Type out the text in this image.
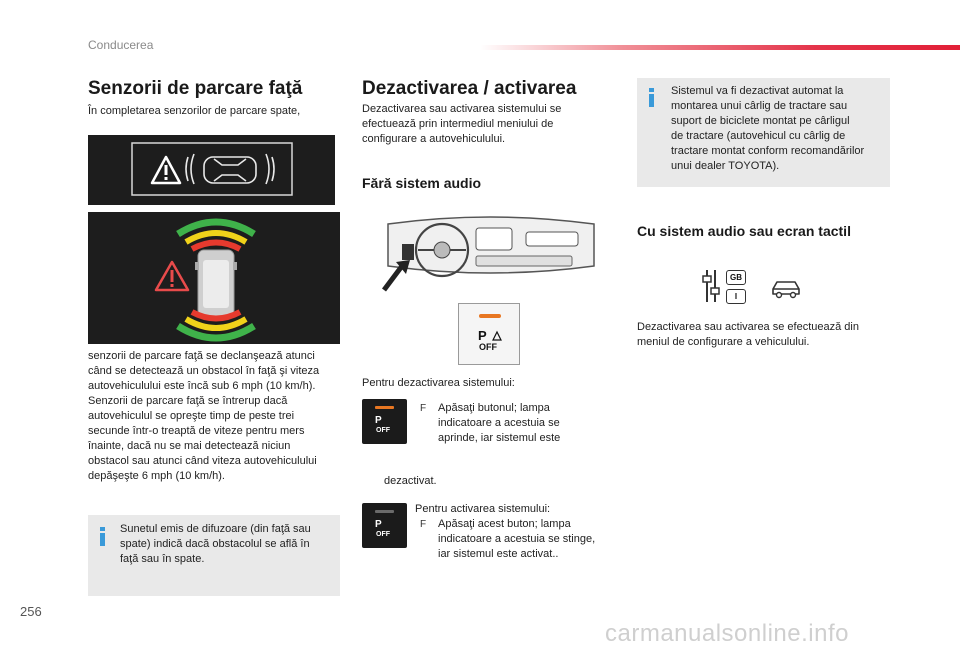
Conducerea
Senzorii de parcare faţă
În completarea senzorilor de parcare spate,
senzorii de parcare faţă se declanşează atunci
când se detectează un obstacol în faţă şi viteza
autovehiculului este încă sub 6 mph (10 km/h).
Senzorii de parcare faţă se întrerup dacă
autovehiculul se opreşte timp de peste trei
secunde într-o treaptă de viteze pentru mers
înainte, dacă nu se mai detectează niciun
obstacol sau atunci când viteza autovehiculului
depăşeşte 6 mph (10 km/h).
Sunetul emis de difuzoare (din faţă sau
spate) indică dacă obstacolul se află în
faţă sau în spate.
Dezactivarea / activarea
Dezactivarea sau activarea sistemului se
efectuează prin intermediul meniului de
configurare a autovehiculului.
Fără sistem audio
P
OFF
Pentru dezactivarea sistemului:
P
OFF
F Apăsaţi butonul; lampa
indicatoare a acestuia se
aprinde, iar sistemul este
dezactivat.
P
OFF
Pentru activarea sistemului:
F Apăsaţi acest buton; lampa
indicatoare a acestuia se stinge,
iar sistemul este activat..
Sistemul va fi dezactivat automat la
montarea unui cârlig de tractare sau
suport de biciclete montat pe cârligul
de tractare (autovehicul cu cârlig de
tractare montat conform recomandărilor
unui dealer TOYOTA).
Cu sistem audio sau ecran tactil
GB
I
Dezactivarea sau activarea se efectuează din
meniul de configurare a vehiculului.
256
carmanualsonline.info
